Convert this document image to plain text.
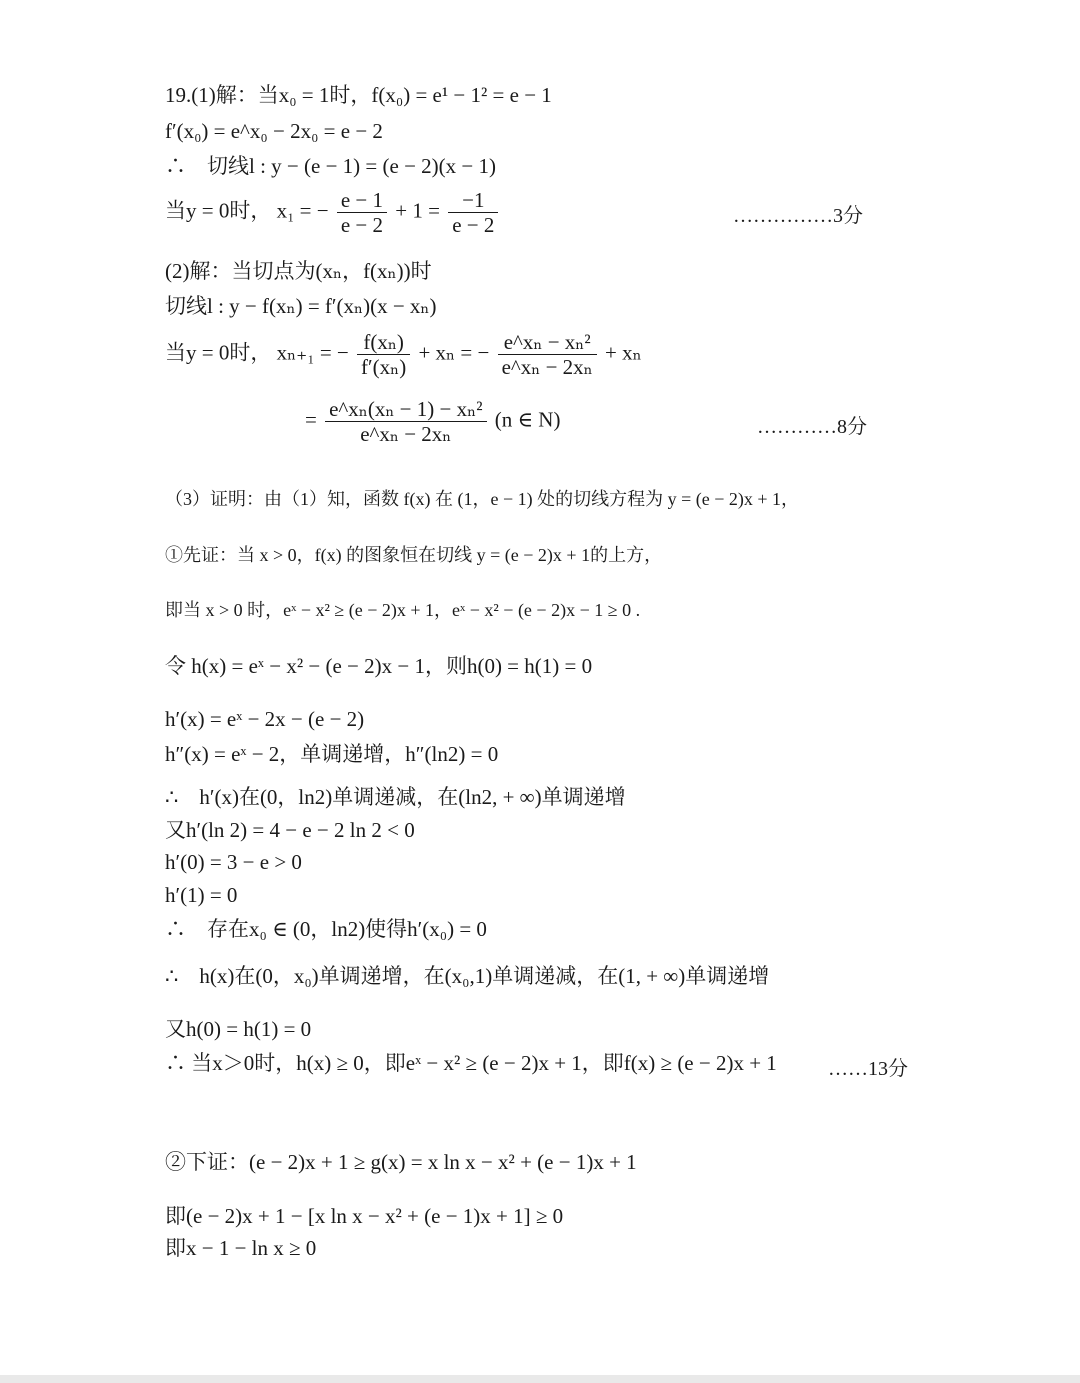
19.(1)解：当x₀ = 1时，f(x₀) = e¹ − 1² = e − 1
f′(x₀) = e^x₀ − 2x₀ = e − 2
∴　切线l : y − (e − 1) = (e − 2)(x − 1)
当y = 0时， x₁ = − $\frac{e - 1}{e - 2} + 1 = \frac{-1}{e - 2}$	……………3分
(2)解：当切点为(xₙ，f(xₙ))时
切线l : y − f(xₙ) = f′(xₙ)(x − xₙ)
当y = 0时， xₙ₊₁ = − $\frac{\text{f(xₙ)}}{\text{f′(xₙ)}} + x_n$ = − $\frac{\text{e\textasciicircum{}xₙ − xₙ²}}{\text{e\textasciicircum{}xₙ − 2xₙ}} + x_n$
= $\frac{\text{e\textasciicircum{}xₙ(xₙ − 1) − xₙ²}}{\text{e\textasciicircum{}xₙ − 2xₙ}} (n$ ∈ N)	…………8分
（3）证明：由（1）知，函数 f(x) 在 (1，e − 1) 处的切线方程为 y = (e − 2)x + 1，
①先证：当 x > 0，f(x) 的图象恒在切线 y = (e − 2)x + 1的上方，
即当 x > 0 时，eˣ − x² ≥ (e − 2)x + 1，eˣ − x² − (e − 2)x − 1 ≥ 0 .
令 h(x) = eˣ − x² − (e − 2)x − 1，则h(0) = h(1) = 0
h′(x) = eˣ − 2x − (e − 2)
h″(x) = eˣ − 2，单调递增，h″(ln2) = 0
∴　h′(x)在(0，ln2)单调递减，在(ln2, + ∞)单调递增
又h′(ln 2) = 4 − e − 2 ln 2 < 0
h′(0) = 3 − e > 0
h′(1) = 0
∴　存在x₀ ∈ (0，ln2)使得h′(x₀) = 0
∴　h(x)在(0，x₀)单调递增，在(x₀,1)单调递减，在(1, + ∞)单调递增
又h(0) = h(1) = 0
∴ 当x＞0时，h(x) ≥ 0，即eˣ − x² ≥ (e − 2)x + 1，即f(x) ≥ (e − 2)x + 1	……13分
②下证：(e − 2)x + 1 ≥ g(x) = x ln x − x² + (e − 1)x + 1
即(e − 2)x + 1 − [x ln x − x² + (e − 1)x + 1] ≥ 0
即x − 1 − ln x ≥ 0
